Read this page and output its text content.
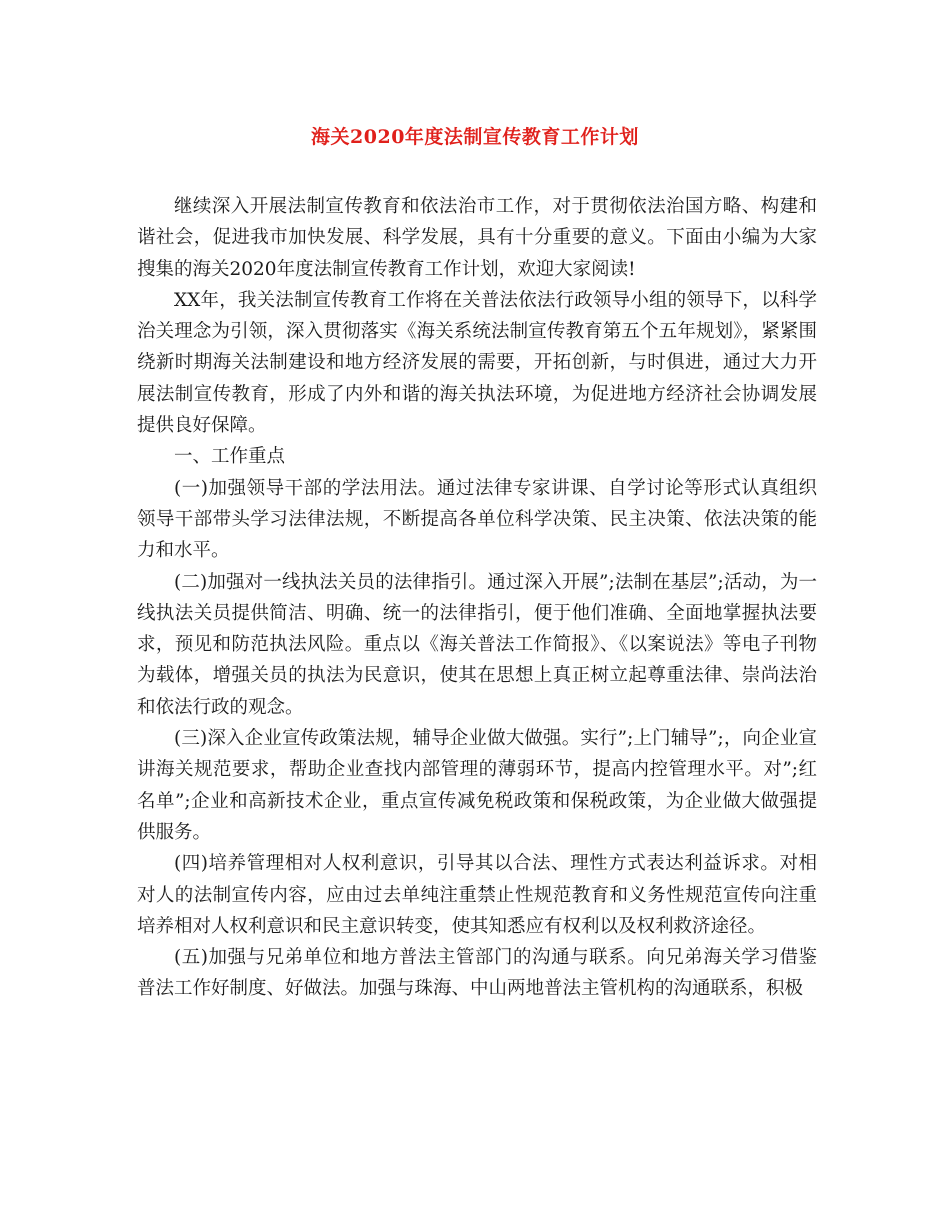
海关2020年度法制宣传教育工作计划

继续深入开展法制宣传教育和依法治市工作，对于贯彻依法治国方略、构建和谐社会，促进我市加快发展、科学发展，具有十分重要的意义。下面由小编为大家搜集的海关2020年度法制宣传教育工作计划，欢迎大家阅读!

XX年，我关法制宣传教育工作将在关普法依法行政领导小组的领导下，以科学治关理念为引领，深入贯彻落实《海关系统法制宣传教育第五个五年规划》，紧紧围绕新时期海关法制建设和地方经济发展的需要，开拓创新，与时俱进，通过大力开展法制宣传教育，形成了内外和谐的海关执法环境，为促进地方经济社会协调发展提供良好保障。

一、工作重点

(一)加强领导干部的学法用法。通过法律专家讲课、自学讨论等形式认真组织领导干部带头学习法律法规，不断提高各单位科学决策、民主决策、依法决策的能力和水平。

(二)加强对一线执法关员的法律指引。通过深入开展”;法制在基层”;活动，为一线执法关员提供简洁、明确、统一的法律指引，便于他们准确、全面地掌握执法要求，预见和防范执法风险。重点以《海关普法工作简报》、《以案说法》等电子刊物为载体，增强关员的执法为民意识，使其在思想上真正树立起尊重法律、崇尚法治和依法行政的观念。

(三)深入企业宣传政策法规，辅导企业做大做强。实行”;上门辅导”;，向企业宣讲海关规范要求，帮助企业查找内部管理的薄弱环节，提高内控管理水平。对”;红名单”;企业和高新技术企业，重点宣传减免税政策和保税政策，为企业做大做强提供服务。

(四)培养管理相对人权利意识，引导其以合法、理性方式表达利益诉求。对相对人的法制宣传内容，应由过去单纯注重禁止性规范教育和义务性规范宣传向注重培养相对人权利意识和民主意识转变，使其知悉应有权利以及权利救济途径。

(五)加强与兄弟单位和地方普法主管部门的沟通与联系。向兄弟海关学习借鉴普法工作好制度、好做法。加强与珠海、中山两地普法主管机构的沟通联系，积极
